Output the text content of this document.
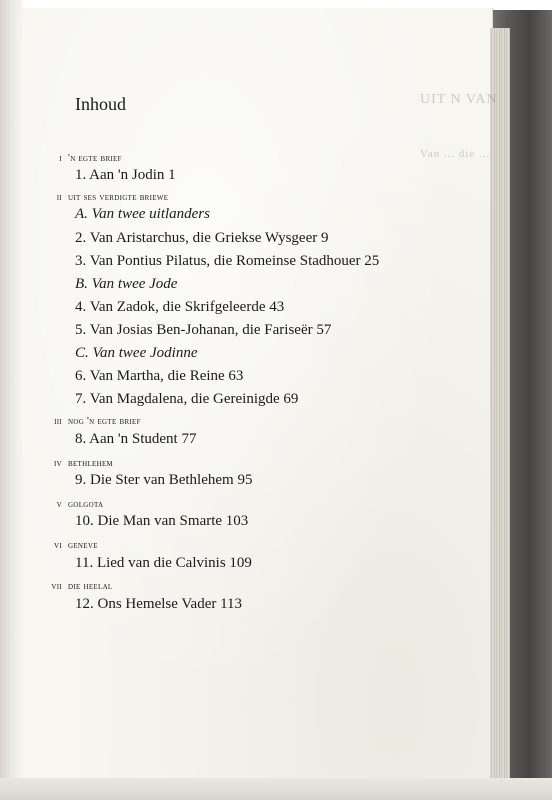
UIT N VAN
Van ... die ...
Inhoud
i 'n egte brief
1. Aan 'n Jodin 1
ii uit ses verdigte briewe
A. Van twee uitlanders
2. Van Aristarchus, die Griekse Wysgeer 9
3. Van Pontius Pilatus, die Romeinse Stadhouer 25
B. Van twee Jode
4. Van Zadok, die Skrifgeleerde 43
5. Van Josias Ben-Johanan, die Fariseër 57
C. Van twee Jodinne
6. Van Martha, die Reine 63
7. Van Magdalena, die Gereinigde 69
iii nog 'n egte brief
8. Aan 'n Student 77
iv bethlehem
9. Die Ster van Bethlehem 95
v golgota
10. Die Man van Smarte 103
vi geneve
11. Lied van die Calvinis 109
vii die heelal
12. Ons Hemelse Vader 113
